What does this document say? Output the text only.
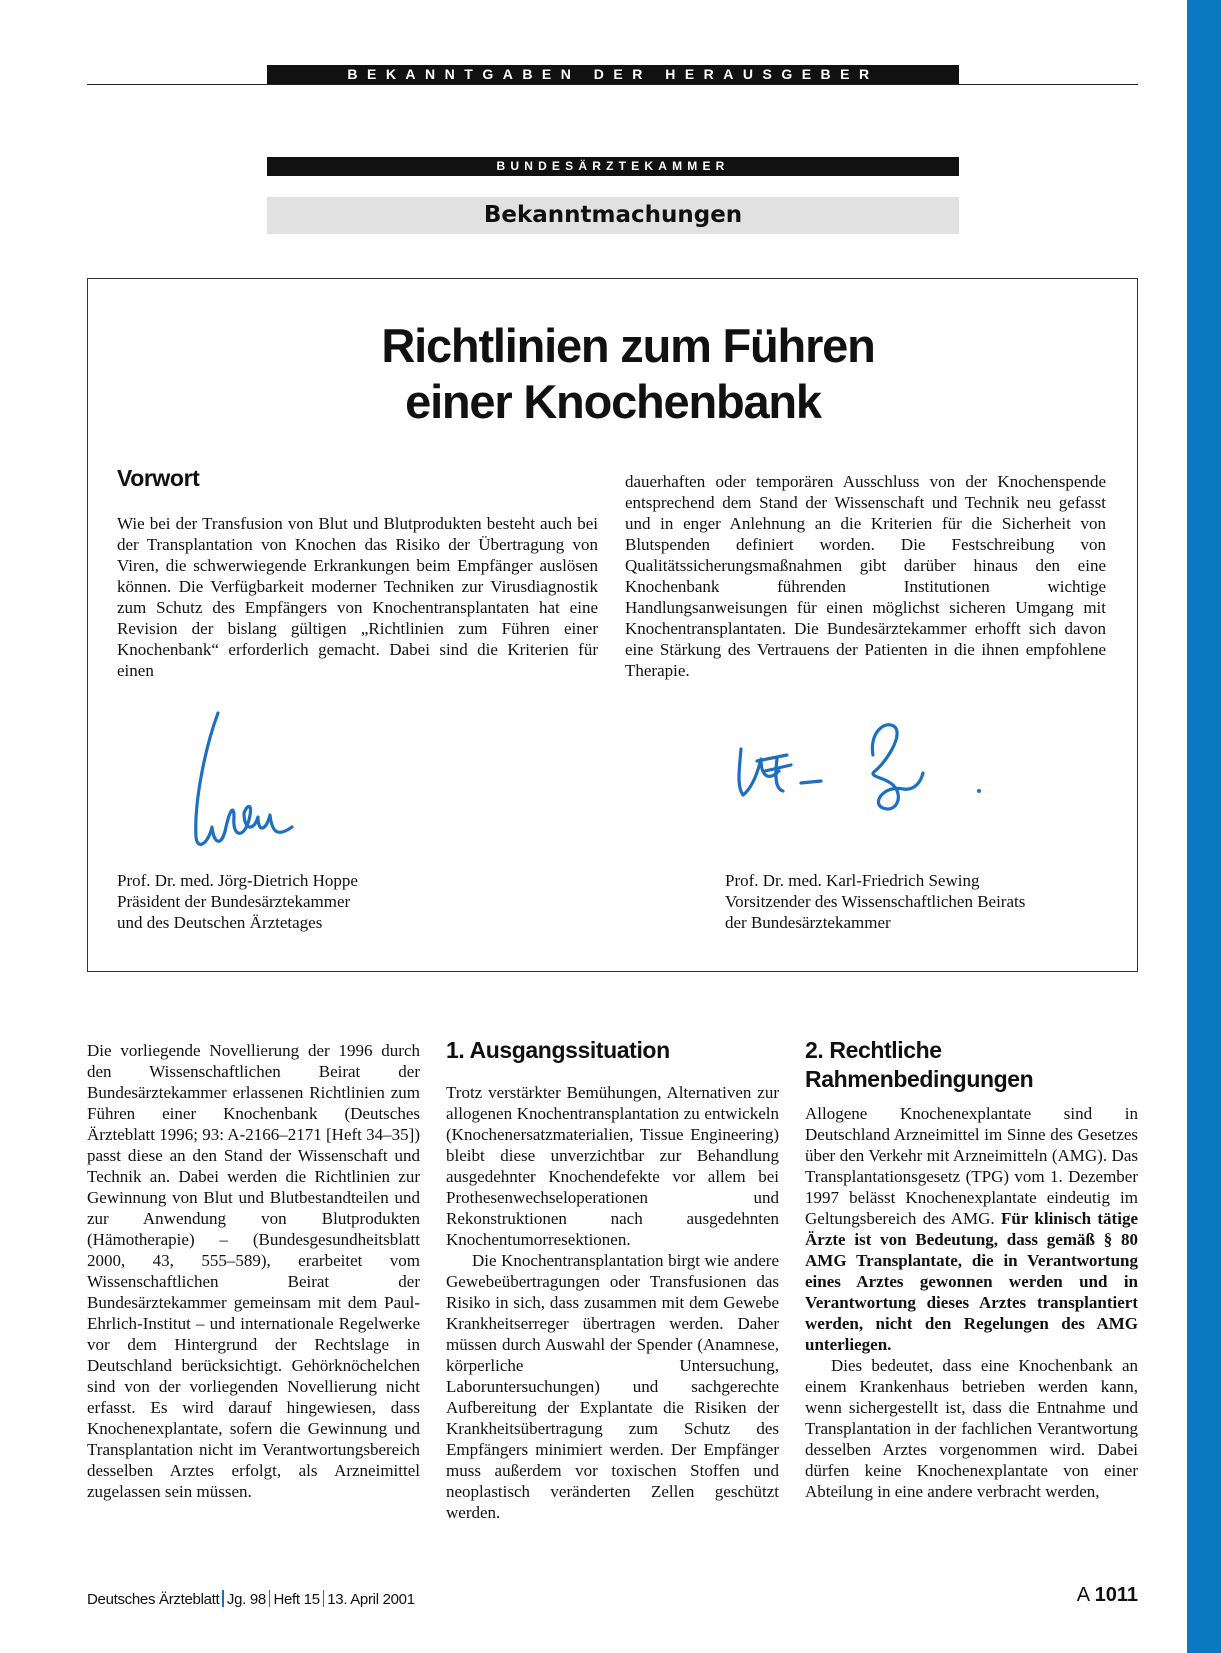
BEKANNTGABEN DER HERAUSGEBER
BUNDESÄRZTEKAMMER
Bekanntmachungen
Richtlinien zum Führen
einer Knochenbank
Vorwort

Wie bei der Transfusion von Blut und Blutprodukten besteht auch bei der Transplantation von Knochen das Risiko der Übertragung von Viren, die schwerwiegende Erkrankungen beim Empfänger auslösen können. Die Verfügbarkeit moderner Techniken zur Virusdiagnostik zum Schutz des Empfängers von Knochentransplantaten hat eine Revision der bislang gültigen „Richtlinien zum Führen einer Knochenbank“ erforderlich gemacht. Dabei sind die Kriterien für einen

dauerhaften oder temporären Ausschluss von der Knochenspende entsprechend dem Stand der Wissenschaft und Technik neu gefasst und in enger Anlehnung an die Kriterien für die Sicherheit von Blutspenden definiert worden. Die Festschreibung von Qualitätssicherungsmaßnahmen gibt darüber hinaus den eine Knochenbank führenden Institutionen wichtige Handlungsanweisungen für einen möglichst sicheren Umgang mit Knochentransplantaten. Die Bundesärztekammer erhofft sich davon eine Stärkung des Vertrauens der Patienten in die ihnen empfohlene Therapie.

Prof. Dr. med. Jörg-Dietrich Hoppe
Präsident der Bundesärztekammer
und des Deutschen Ärztetages
Prof. Dr. med. Karl-Friedrich Sewing
Vorsitzender des Wissenschaftlichen Beirats
der Bundesärztekammer

Die vorliegende Novellierung der 1996 durch den Wissenschaftlichen Beirat der Bundesärztekammer erlassenen Richtlinien zum Führen einer Knochenbank (Deutsches Ärzteblatt 1996; 93: A-2166–2171 [Heft 34–35]) passt diese an den Stand der Wissenschaft und Technik an. Dabei werden die Richtlinien zur Gewinnung von Blut und Blutbestandteilen und zur Anwendung von Blutprodukten (Hämotherapie) – (Bundesgesundheitsblatt 2000, 43, 555–589), erarbeitet vom Wissenschaftlichen Beirat der Bundesärztekammer gemeinsam mit dem Paul-Ehrlich-Institut – und internationale Regelwerke vor dem Hintergrund der Rechtslage in Deutschland berücksichtigt. Gehörknöchelchen sind von der vorliegenden Novellierung nicht erfasst. Es wird darauf hingewiesen, dass Knochenexplantate, sofern die Gewinnung und Transplantation nicht im Verantwortungsbereich desselben Arztes erfolgt, als Arzneimittel zugelassen sein müssen.

1. Ausgangssituation

Trotz verstärkter Bemühungen, Alternativen zur allogenen Knochentransplantation zu entwickeln (Knochenersatzmaterialien, Tissue Engineering) bleibt diese unverzichtbar zur Behandlung ausgedehnter Knochendefekte vor allem bei Prothesenwechseloperationen und Rekonstruktionen nach ausgedehnten Knochentumorresektionen.

Die Knochentransplantation birgt wie andere Gewebeübertragungen oder Transfusionen das Risiko in sich, dass zusammen mit dem Gewebe Krankheitserreger übertragen werden. Daher müssen durch Auswahl der Spender (Anamnese, körperliche Untersuchung, Laboruntersuchungen) und sachgerechte Aufbereitung der Explantate die Risiken der Krankheitsübertragung zum Schutz des Empfängers minimiert werden. Der Empfänger muss außerdem vor toxischen Stoffen und neoplastisch veränderten Zellen geschützt werden.

2. Rechtliche
Rahmenbedingungen

Allogene Knochenexplantate sind in Deutschland Arzneimittel im Sinne des Gesetzes über den Verkehr mit Arzneimitteln (AMG). Das Transplantationsgesetz (TPG) vom 1. Dezember 1997 belässt Knochenexplantate eindeutig im Geltungsbereich des AMG. Für klinisch tätige Ärzte ist von Bedeutung, dass gemäß § 80 AMG Transplantate, die in Verantwortung eines Arztes gewonnen werden und in Verantwortung dieses Arztes transplantiert werden, nicht den Regelungen des AMG unterliegen.

Dies bedeutet, dass eine Knochenbank an einem Krankenhaus betrieben werden kann, wenn sichergestellt ist, dass die Entnahme und Transplantation in der fachlichen Verantwortung desselben Arztes vorgenommen wird. Dabei dürfen keine Knochenexplantate von einer Abteilung in eine andere verbracht werden,

Deutsches Ärzteblatt Jg. 98 Heft 15 13. April 2001	A 1011
